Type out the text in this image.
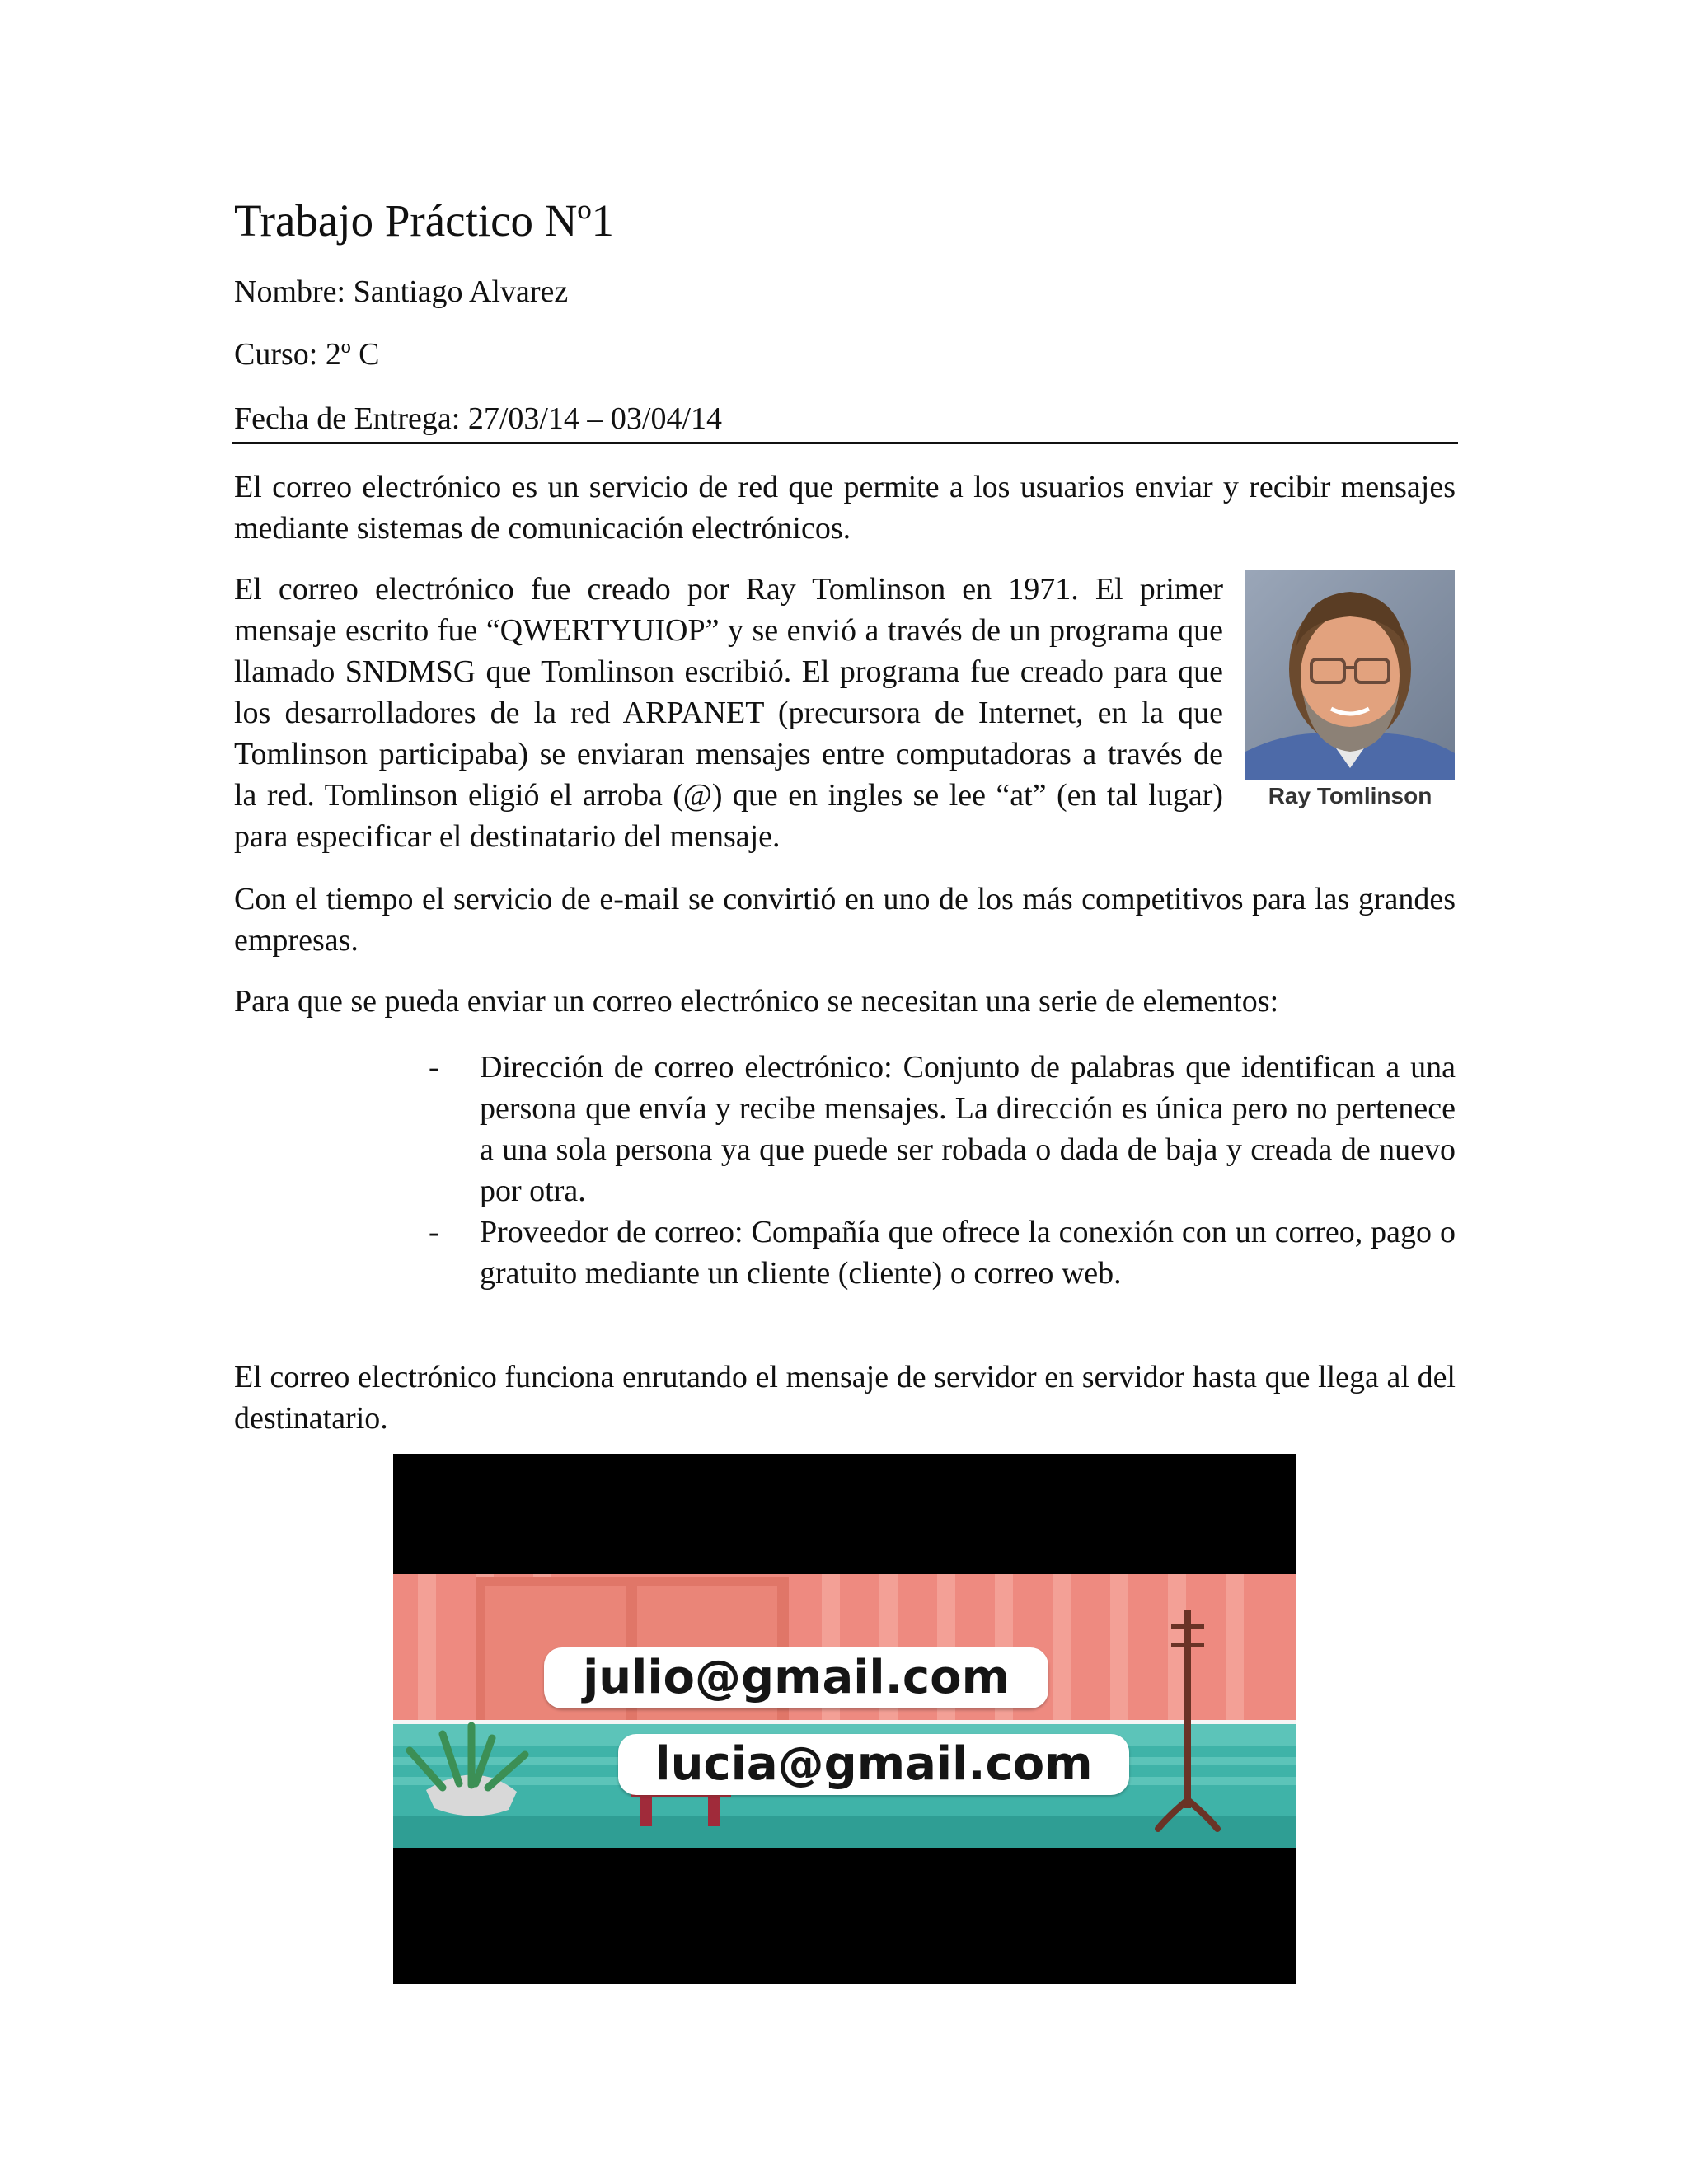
Trabajo Práctico Nº1
Nombre: Santiago Alvarez
Curso: 2º C
Fecha de Entrega: 27/03/14 – 03/04/14
El correo electrónico es un servicio de red que permite a los usuarios enviar y recibir mensajes mediante sistemas de comunicación electrónicos.
El correo electrónico fue creado por Ray Tomlinson en 1971. El primer mensaje escrito fue “QWERTYUIOP” y se envió a través de un programa que llamado SNDMSG que Tomlinson escribió. El programa fue creado para que los desarrolladores de la red ARPANET (precursora de Internet, en la que Tomlinson participaba) se enviaran mensajes entre computadoras a través de la red. Tomlinson eligió el arroba (@) que en ingles se lee “at” (en tal lugar) para especificar el destinatario del mensaje.
Ray Tomlinson
Con el tiempo el servicio de e-mail se convirtió en uno de los más competitivos para las grandes empresas.
Para que se pueda enviar un correo electrónico se necesitan una serie de elementos:
- Dirección de correo electrónico: Conjunto de palabras que identifican a una persona que envía y recibe mensajes. La dirección es única pero no pertenece a una sola persona ya que puede ser robada o dada de baja y creada de nuevo por otra.
- Proveedor de correo: Compañía que ofrece la conexión con un correo, pago o gratuito mediante un cliente (cliente) o correo web.
El correo electrónico funciona enrutando el mensaje de servidor en servidor hasta que llega al del destinatario.
julio@gmail.com
lucia@gmail.com
